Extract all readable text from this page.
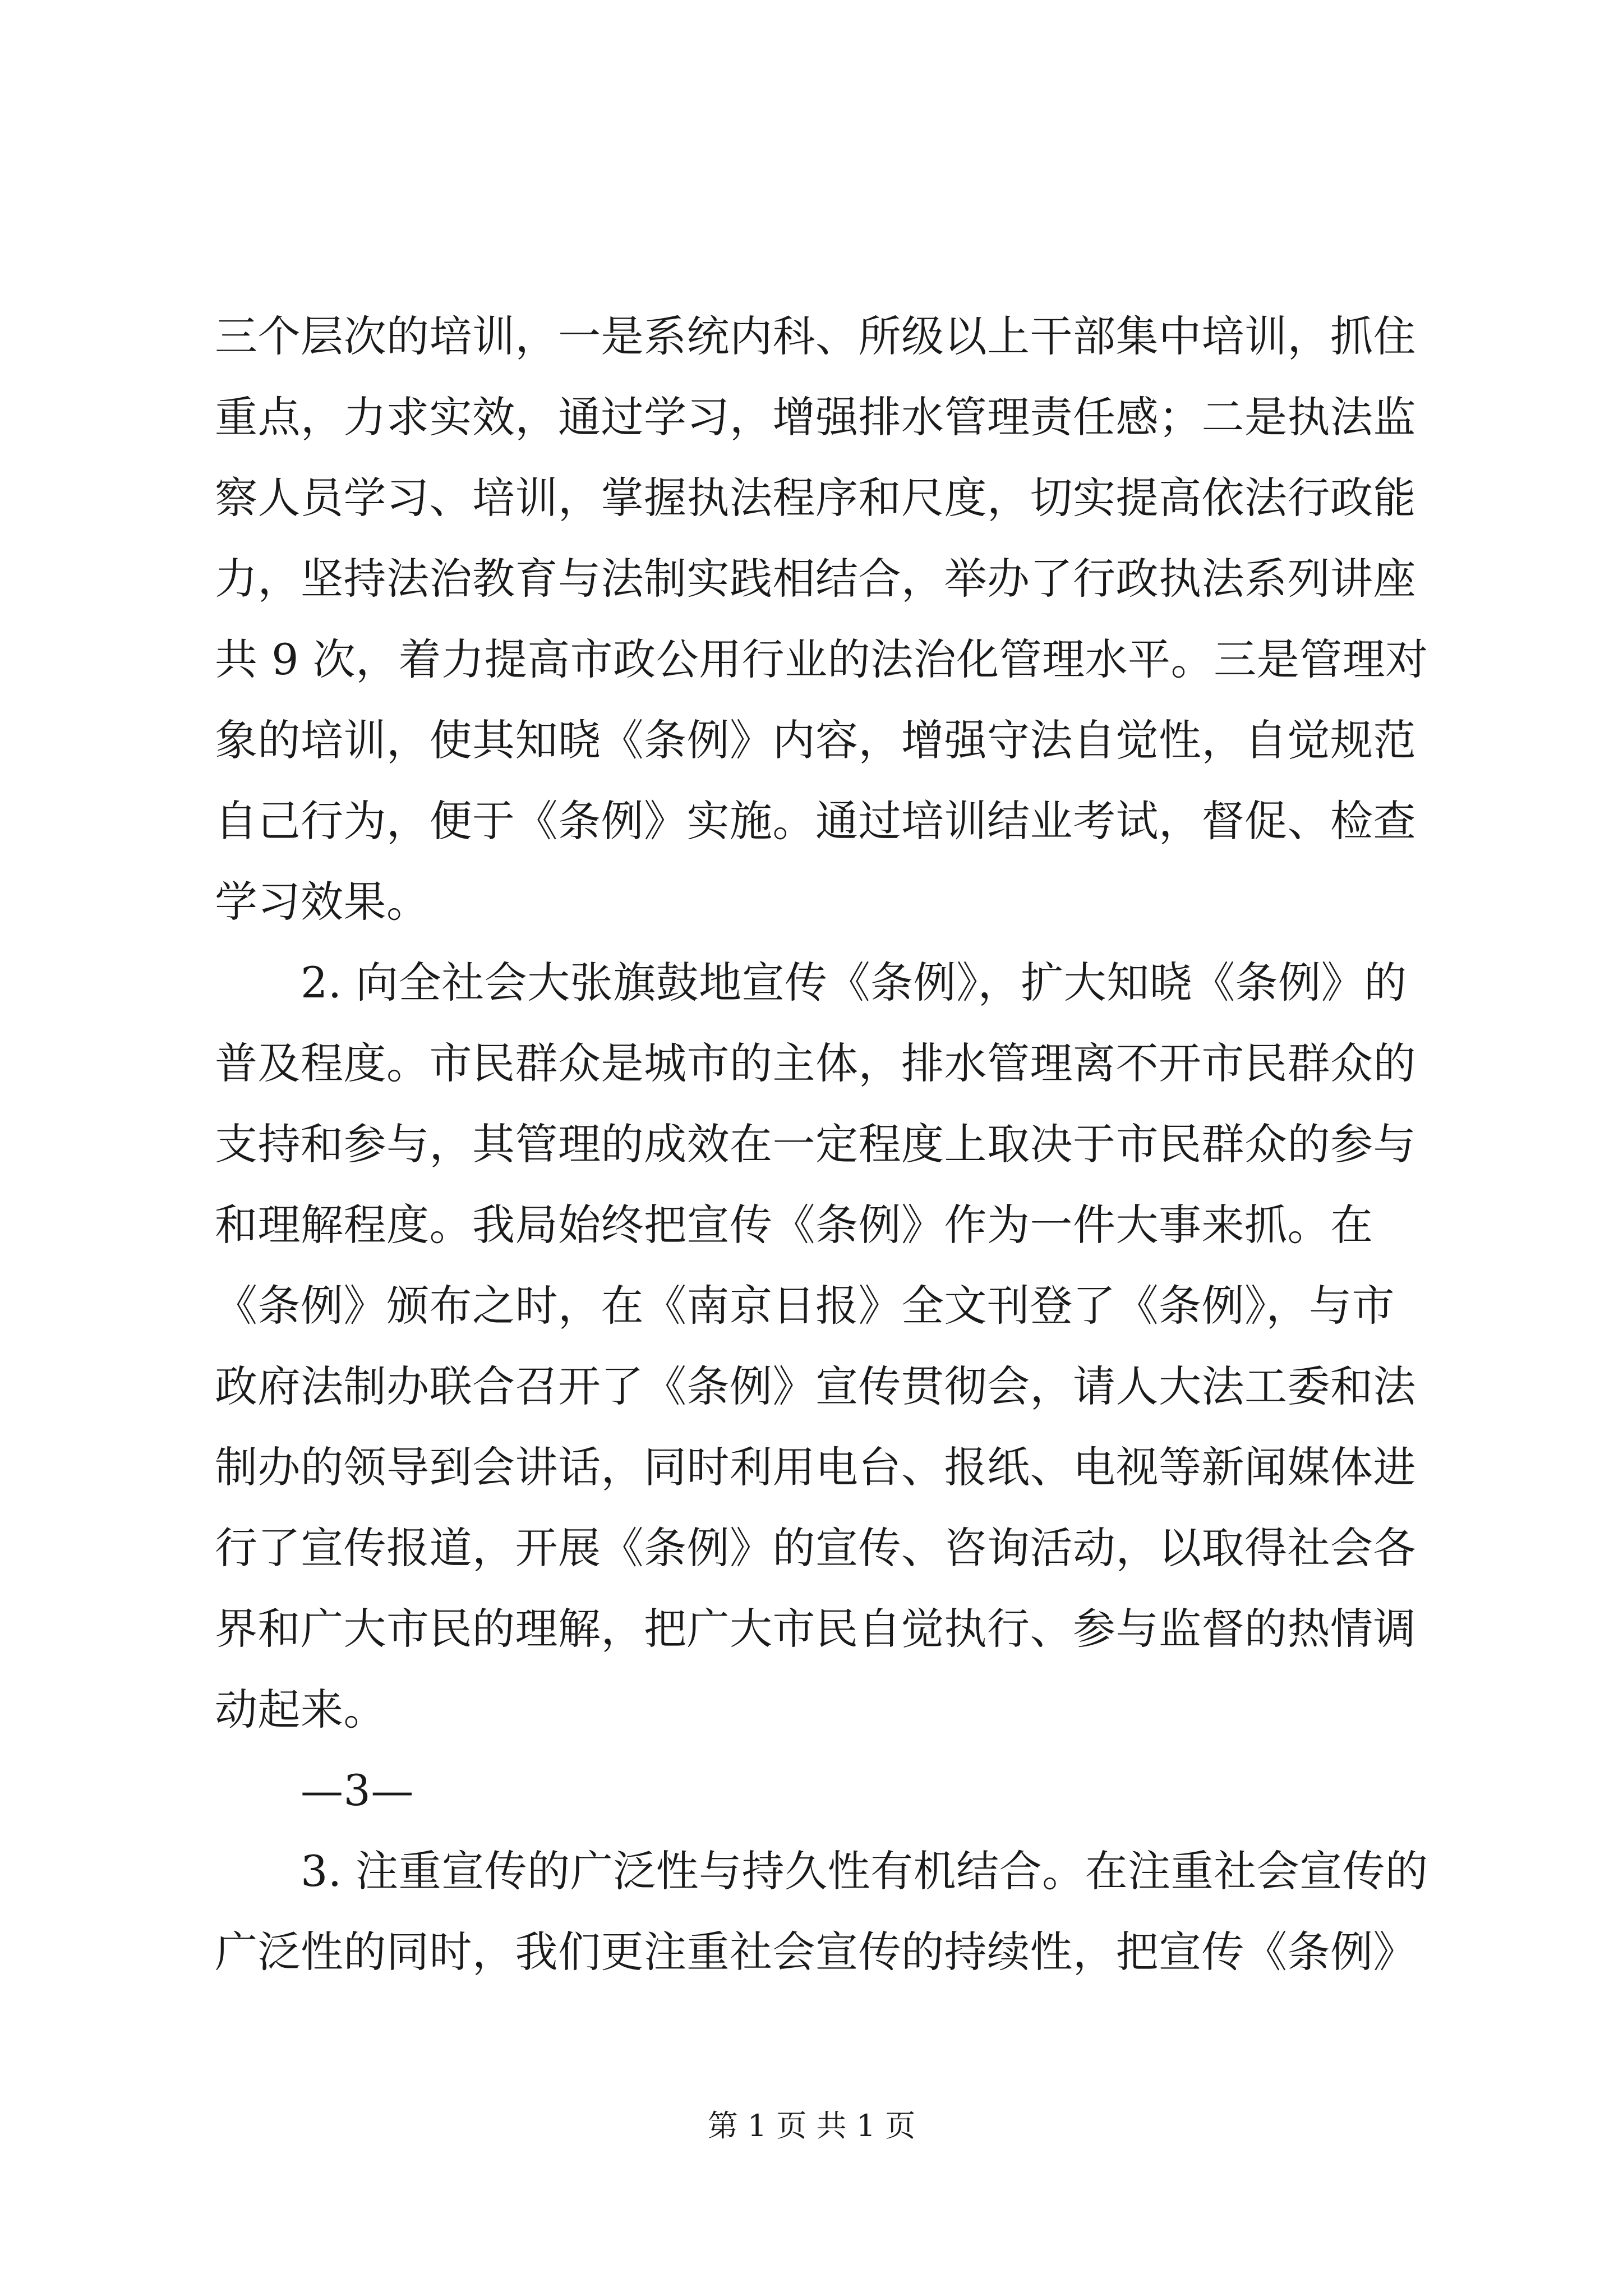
三个层次的培训，一是系统内科、所级以上干部集中培训，抓住
重点，力求实效，通过学习，增强排水管理责任感；二是执法监
察人员学习、培训，掌握执法程序和尺度，切实提高依法行政能
力，坚持法治教育与法制实践相结合，举办了行政执法系列讲座
共 9 次，着力提高市政公用行业的法治化管理水平。三是管理对
象的培训，使其知晓《条例》内容，增强守法自觉性，自觉规范
自己行为，便于《条例》实施。通过培训结业考试，督促、检查
学习效果。
2. 向全社会大张旗鼓地宣传《条例》，扩大知晓《条例》的
普及程度。市民群众是城市的主体，排水管理离不开市民群众的
支持和参与，其管理的成效在一定程度上取决于市民群众的参与
和理解程度。我局始终把宣传《条例》作为一件大事来抓。在
《条例》颁布之时，在《南京日报》全文刊登了《条例》，与市
政府法制办联合召开了《条例》宣传贯彻会，请人大法工委和法
制办的领导到会讲话，同时利用电台、报纸、电视等新闻媒体进
行了宣传报道，开展《条例》的宣传、咨询活动，以取得社会各
界和广大市民的理解，把广大市民自觉执行、参与监督的热情调
动起来。
—3—
3. 注重宣传的广泛性与持久性有机结合。在注重社会宣传的
广泛性的同时，我们更注重社会宣传的持续性，把宣传《条例》
第 1 页 共 1 页
